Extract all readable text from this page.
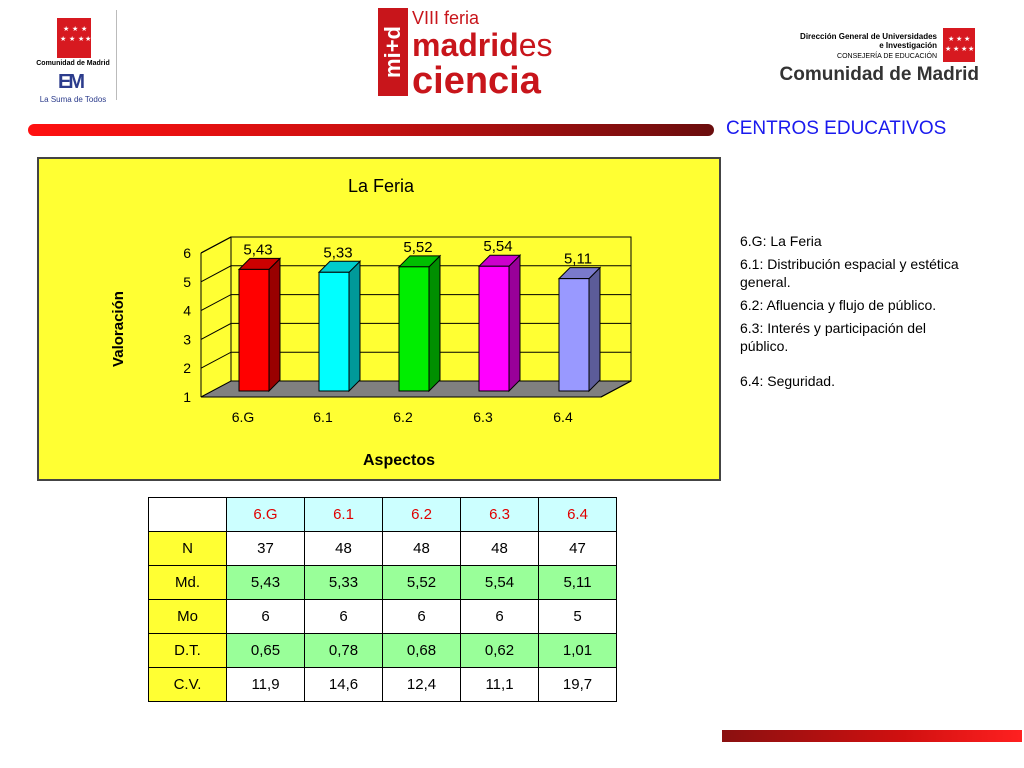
★ ★ ★
★ ★ ★ ★
Comunidad de Madrid
EM
La Suma de Todos
mi+d
VIII feria
madrides
ciencia
Dirección General de Universidades
e Investigación
CONSEJERÍA DE EDUCACIÓN
Comunidad de Madrid
★ ★ ★
★ ★ ★ ★
CENTROS EDUCATIVOS
1
2
3
4
5
6	5,43
6.G
5,33
6.1
5,52
6.2
5,54
6.3
5,11
6.4
La Feria
Aspectos
Valoración
6.G: La Feria
6.1: Distribución espacial y estética general.
6.2: Afluencia y flujo de público.
6.3: Interés y participación del público.
6.4: Seguridad.
	6.G	6.1	6.2	6.3	6.4
N	37	48	48	48	47
Md.	5,43	5,33	5,52	5,54	5,11
Mo	6	6	6	6	5
D.T.	0,65	0,78	0,68	0,62	1,01
C.V.	11,9	14,6	12,4	11,1	19,7
